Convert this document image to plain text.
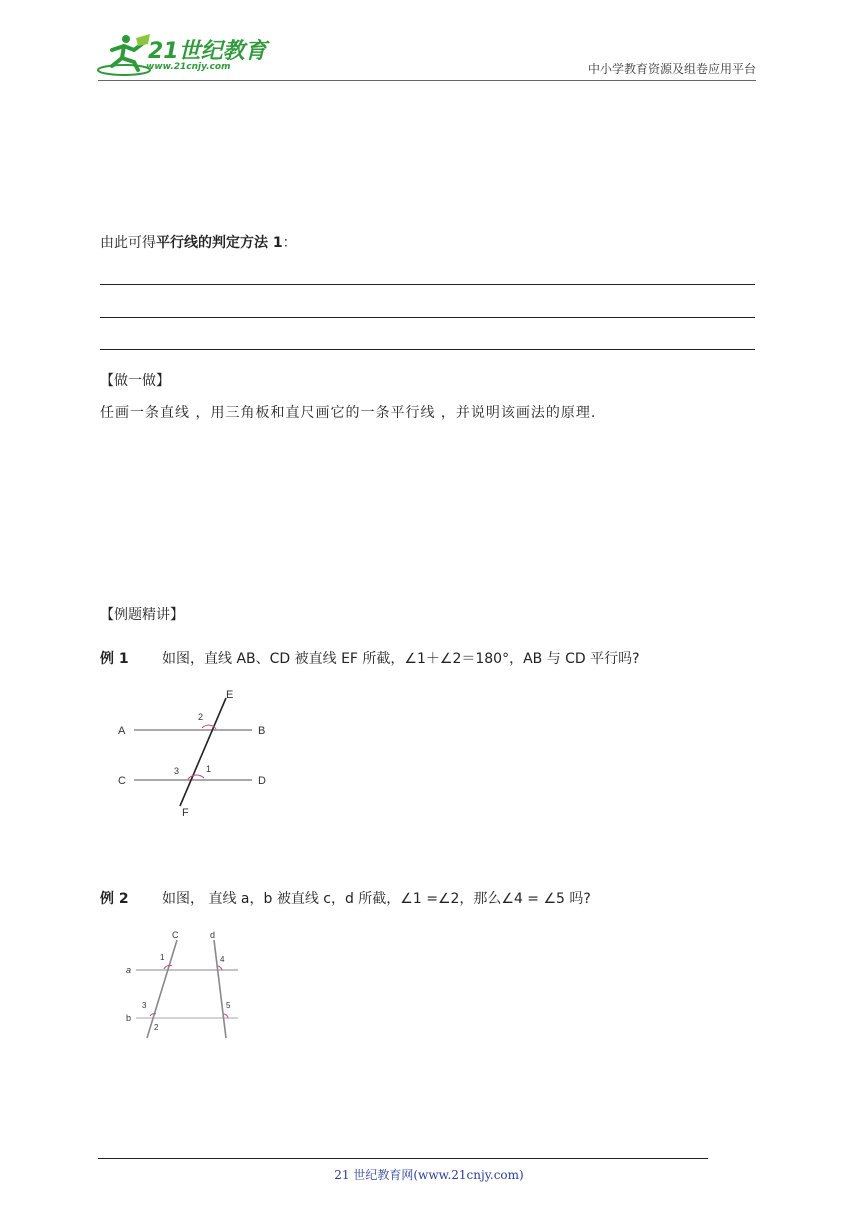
21世纪教育
www.21cnjy.com	中小学教育资源及组卷应用平台
由此可得平行线的判定方法 1：
【做一做】
任画一条直线 ，用三角板和直尺画它的一条平行线 ，并说明该画法的原理.
【例题精讲】
例 1 如图，直线 AB、CD 被直线 EF 所截，∠1＋∠2＝180°，AB 与 CD 平行吗?
A	B
C	D
E
F
2
1
3
例 2 如图， 直线 a，b 被直线 c，d 所截，∠1 =∠2，那么∠4 = ∠5 吗?
C	d
a
b
1	4
3	5
2
21 世纪教育网(www.21cnjy.com)
